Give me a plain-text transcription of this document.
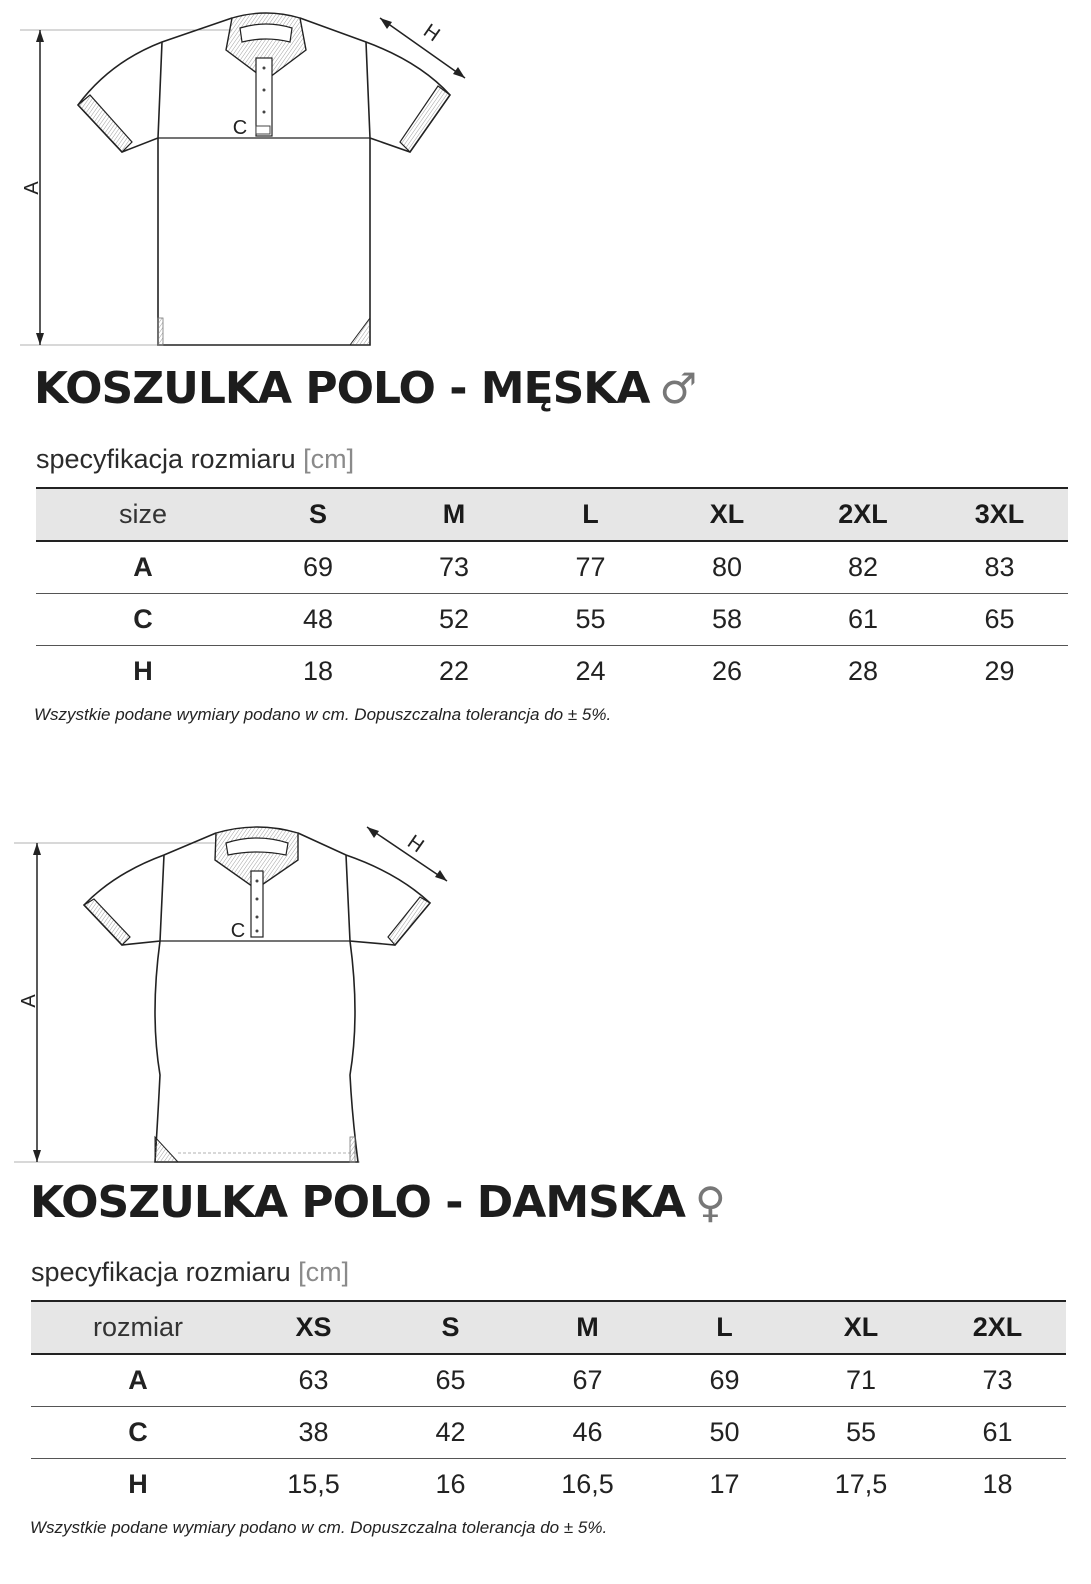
A
C
H
KOSZULKA POLO - MĘSKA ♂
specyfikacja rozmiaru [cm]
size	S	M	L	XL	2XL	3XL
A	69	73	77	80	82	83
C	48	52	55	58	61	65
H	18	22	24	26	28	29
Wszystkie podane wymiary podano w cm. Dopuszczalna tolerancja do ± 5%.
A
C
H
KOSZULKA POLO - DAMSKA ♀
specyfikacja rozmiaru [cm]
rozmiar	XS	S	M	L	XL	2XL
A	63	65	67	69	71	73
C	38	42	46	50	55	61
H	15,5	16	16,5	17	17,5	18
Wszystkie podane wymiary podano w cm. Dopuszczalna tolerancja do ± 5%.
